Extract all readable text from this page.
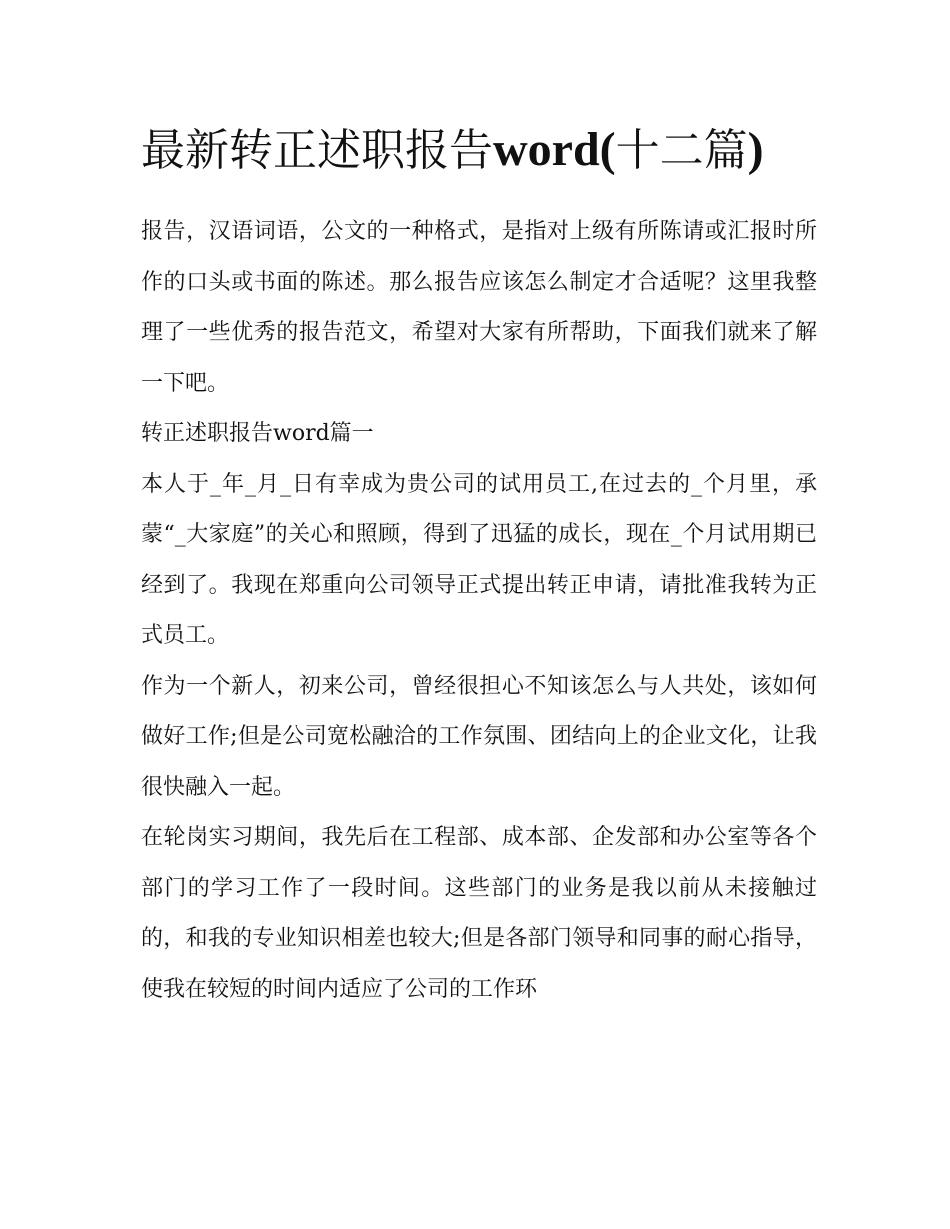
最新转正述职报告word(十二篇)

报告，汉语词语，公文的一种格式，是指对上级有所陈请或汇报时所作的口头或书面的陈述。那么报告应该怎么制定才合适呢？这里我整理了一些优秀的报告范文，希望对大家有所帮助，下面我们就来了解一下吧。

转正述职报告word篇一

本人于_年_月_日有幸成为贵公司的试用员工,在过去的_个月里，承蒙“_大家庭”的关心和照顾，得到了迅猛的成长，现在_个月试用期已经到了。我现在郑重向公司领导正式提出转正申请，请批准我转为正式员工。

作为一个新人，初来公司，曾经很担心不知该怎么与人共处，该如何做好工作;但是公司宽松融洽的工作氛围、团结向上的企业文化，让我很快融入一起。

在轮岗实习期间，我先后在工程部、成本部、企发部和办公室等各个部门的学习工作了一段时间。这些部门的业务是我以前从未接触过的，和我的专业知识相差也较大;但是各部门领导和同事的耐心指导，使我在较短的时间内适应了公司的工作环
